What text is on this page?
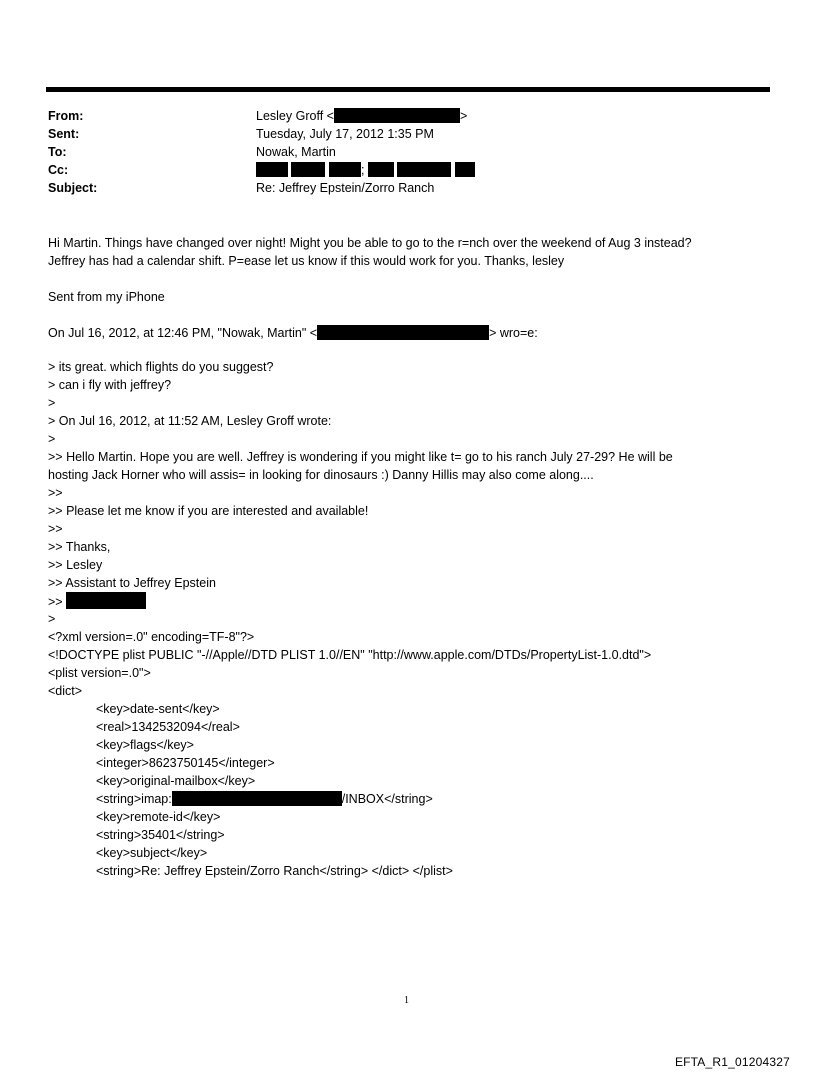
From:	Lesley Groff <	>
Sent:	Tuesday, July 17, 2012 1:35 PM
To:	Nowak, Martin
Cc:	;
Subject:	Re: Jeffrey Epstein/Zorro Ranch
Hi Martin. Things have changed over night! Might you be able to go to the r=nch over the weekend of Aug 3 instead?
Jeffrey has had a calendar shift. P=ease let us know if this would work for you. Thanks, lesley
Sent from my iPhone
On Jul 16, 2012, at 12:46 PM, "Nowak, Martin" <	> wro=e:
> its great. which flights do you suggest?
> can i fly with jeffrey?
>
> On Jul 16, 2012, at 11:52 AM, Lesley Groff wrote:
>
>> Hello Martin. Hope you are well. Jeffrey is wondering if you might like t= go to his ranch July 27-29? He will be
hosting Jack Horner who will assis= in looking for dinosaurs :) Danny Hillis may also come along....
>>
>> Please let me know if you are interested and available!
>>
>> Thanks,
>> Lesley
>> Assistant to Jeffrey Epstein
>>
>
<?xml version=.0" encoding=TF-8"?>
<!DOCTYPE plist PUBLIC "-//Apple//DTD PLIST 1.0//EN" "http://www.apple.com/DTDs/PropertyList-1.0.dtd">
<plist version=.0">
<dict>
<key>date-sent</key>
<real>1342532094</real>
<key>flags</key>
<integer>8623750145</integer>
<key>original-mailbox</key>
<string>imap:	/INBOX</string>
<key>remote-id</key>
<string>35401</string>
<key>subject</key>
<string>Re: Jeffrey Epstein/Zorro Ranch</string> </dict> </plist>
1
EFTA_R1_01204327
